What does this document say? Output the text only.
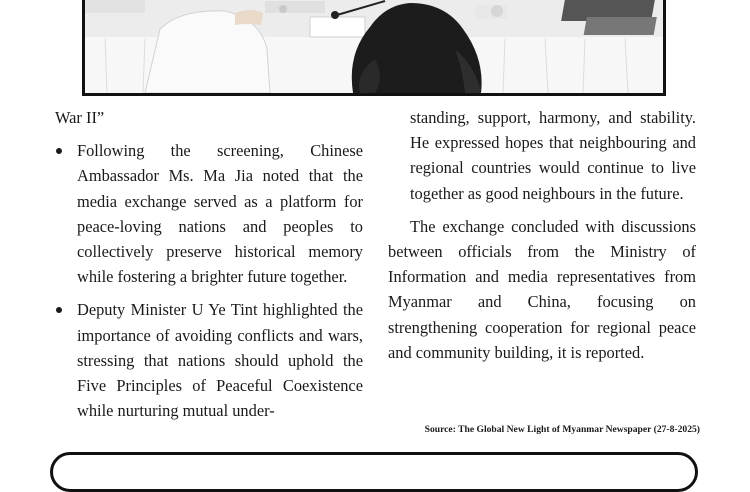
War II”

Following the screening, Chinese Ambassador Ms. Ma Jia noted that the media exchange served as a platform for peace-loving nations and peoples to collectively preserve historical memory while fostering a brighter future together.
Deputy Minister U Ye Tint highlighted the importance of avoiding conflicts and wars, stressing that nations should uphold the Five Principles of Peaceful Coexistence while nurturing mutual under-

standing, support, harmony, and stability. He expressed hopes that neighbouring and regional countries would continue to live together as good neighbours in the future.

The exchange concluded with discussions between officials from the Ministry of Information and media representatives from Myanmar and China, focusing on strengthening cooperation for regional peace and community building, it is reported.

Source: The Global New Light of Myanmar Newspaper (27-8-2025)
